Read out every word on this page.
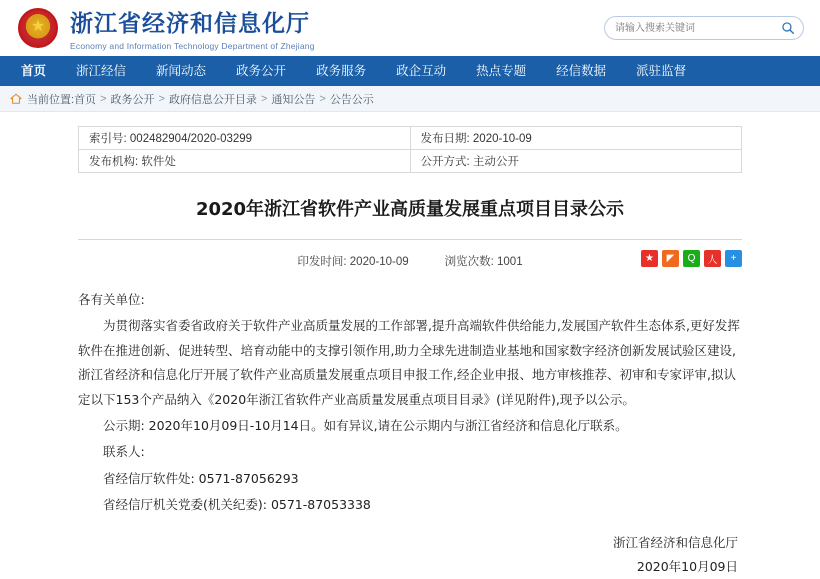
★ 浙江省经济和信息化厅
Economy and Information Technology Department of Zhejiang
请输入搜索关键词
首页	浙江经信	新闻动态	政务公开	政务服务	政企互动	热点专题	经信数据	派驻监督
当前位置: 首页 > 政务公开 > 政府信息公开目录 > 通知公告 > 公告公示
索引号: 002482904/2020-03299	发布日期: 2020-10-09
发布机构: 软件处	公开方式: 主动公开
2020年浙江省软件产业高质量发展重点项目目录公示
印发时间: 2020-10-09	浏览次数: 1001	★	◤	Q	人	+

各有关单位:

为贯彻落实省委省政府关于软件产业高质量发展的工作部署,提升高端软件供给能力,发展国产软件生态体系,更好发挥软件在推进创新、促进转型、培育动能中的支撑引领作用,助力全球先进制造业基地和国家数字经济创新发展试验区建设,浙江省经济和信息化厅开展了软件产业高质量发展重点项目申报工作,经企业申报、地方审核推荐、初审和专家评审,拟认定以下153个产品纳入《2020年浙江省软件产业高质量发展重点项目目录》(详见附件),现予以公示。

公示期: 2020年10月09日-10月14日。如有异议,请在公示期内与浙江省经济和信息化厅联系。

联系人:

省经信厅软件处: 0571-87056293

省经信厅机关党委(机关纪委): 0571-87053338

浙江省经济和信息化厅
2020年10月09日
